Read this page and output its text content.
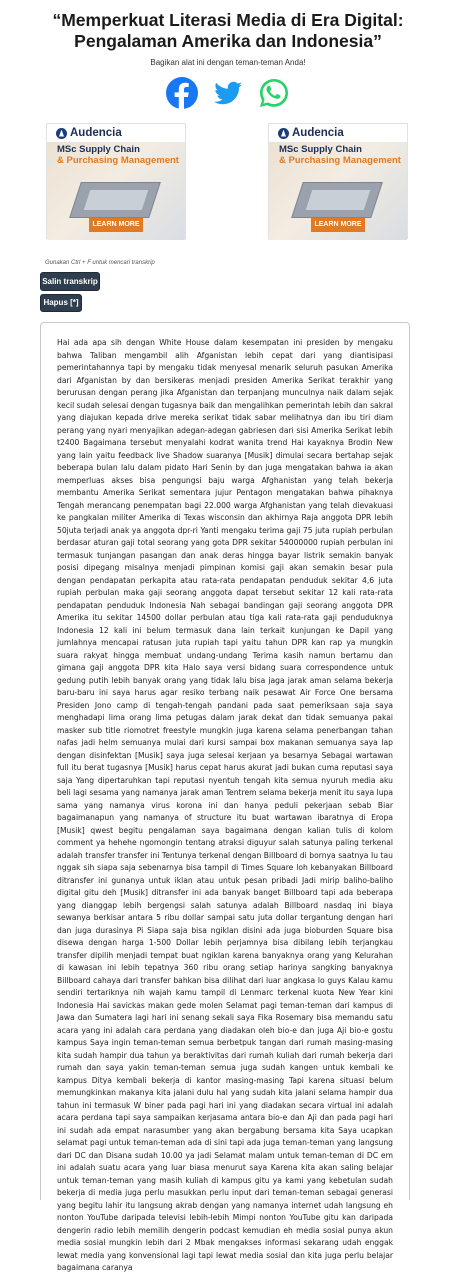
“Memperkuat Literasi Media di Era Digital: Pengalaman Amerika dan Indonesia”
Bagikan alat ini dengan teman-teman Anda!
Audencia
MSc Supply Chain
& Purchasing Management
LEARN MORE
Audencia
MSc Supply Chain
& Purchasing Management
LEARN MORE
Gunakan Ctrl + F untuk mencari transkrip
Salin transkrip
Hapus [*]
Hai ada apa sih dengan White House dalam kesempatan ini presiden by mengaku bahwa Taliban mengambil alih Afganistan lebih cepat dari yang diantisipasi pemerintahannya tapi by mengaku tidak menyesal menarik seluruh pasukan Amerika dari Afganistan by dan bersikeras menjadi presiden Amerika Serikat terakhir yang berurusan dengan perang jika Afganistan dan terpanjang munculnya naik dalam sejak kecil sudah selesai dengan tugasnya baik dan mengalihkan pemerintah lebih dan sakral yang diajukan kepada drive mereka serikat tidak sabar melihatnya dan ibu tiri diam perang yang nyari menyajikan adegan-adegan gabriesen dari sisi Amerika Serikat lebih t2400 Bagaimana tersebut menyalahi kodrat wanita trend Hai kayaknya Brodin New yang lain yaitu feedback live Shadow suaranya [Musik] dimulai secara bertahap sejak beberapa bulan lalu dalam pidato Hari Senin by dan juga mengatakan bahwa ia akan memperluas akses bisa pengungsi baju warga Afghanistan yang telah bekerja membantu Amerika Serikat sementara jujur Pentagon mengatakan bahwa pihaknya Tengah merancang penempatan bagi 22.000 warga Afghanistan yang telah dievakuasi ke pangkalan militer Amerika di Texas wisconsin dan akhirnya Raja anggota DPR lebih 50juta terjadi anak ya anggota dpr-ri Yanti mengaku terima gaji 75 juta rupiah perbulan berdasar aturan gaji total seorang yang gota DPR sekitar 54000000 rupiah perbulan ini termasuk tunjangan pasangan dan anak deras hingga bayar listrik semakin banyak posisi dipegang misalnya menjadi pimpinan komisi gaji akan semakin besar pula dengan pendapatan perkapita atau rata-rata pendapatan penduduk sekitar 4,6 juta rupiah perbulan maka gaji seorang anggota dapat tersebut sekitar 12 kali rata-rata pendapatan penduduk Indonesia Nah sebagai bandingan gaji seorang anggota DPR Amerika itu sekitar 14500 dollar perbulan atau tiga kali rata-rata gaji penduduknya Indonesia 12 kali ini belum termasuk dana lain terkait kunjungan ke Dapil yang jumlahnya mencapai ratusan juta rupiah tapi yaitu tahun DPR kan rap ya mungkin suara rakyat hingga membuat undang-undang Terima kasih namun bertamu dan gimana gaji anggota DPR kita Halo saya versi bidang suara correspondence untuk gedung putih lebih banyak orang yang tidak lalu bisa jaga jarak aman selama bekerja baru-baru ini saya harus agar resiko terbang naik pesawat Air Force One bersama Presiden Jono camp di tengah-tengah pandani pada saat pemeriksaan saja saya menghadapi lima orang lima petugas dalam jarak dekat dan tidak semuanya pakai masker sub title riomotret freestyle mungkin juga karena selama penerbangan tahan nafas jadi helm semuanya mulai dari kursi sampai box makanan semuanya saya lap dengan disinfektan [Musik] saya juga selesai kerjaan ya besarnya Sebagai wartawan full itu berat tugasnya [Musik] harus cepat harus akurat jadi bukan cuma reputasi saya saja Yang dipertaruhkan tapi reputasi nyentuh tengah kita semua nyuruh media aku beli lagi sesama yang namanya jarak aman Tentrem selama bekerja menit itu saya lupa sama yang namanya virus korona ini dan hanya peduli pekerjaan sebab Biar bagaimanapun yang namanya of structure itu buat wartawan ibaratnya di Eropa [Musik] qwest begitu pengalaman saya bagaimana dengan kalian tulis di kolom comment ya hehehe ngomongin tentang atraksi diguyur salah satunya paling terkenal adalah transfer transfer ini Tentunya terkenal dengan Billboard di bornya saatnya Iu tau nggak sih siapa saja sebenarnya bisa tampil di Times Square loh kebanyakan Billboard ditransfer ini gunanya untuk iklan atau untuk pesan pribadi Jadi mirip baliho-baliho digital gitu deh [Musik] ditransfer ini ada banyak banget Billboard tapi ada beberapa yang dianggap lebih bergengsi salah satunya adalah Billboard nasdaq ini biaya sewanya berkisar antara 5 ribu dollar sampai satu juta dollar tergantung dengan hari dan juga durasinya Pi Siapa saja bisa ngiklan disini ada juga bioburden Square bisa disewa dengan harga 1-500 Dollar lebih perjamnya bisa dibilang lebih terjangkau transfer dipilih menjadi tempat buat ngiklan karena banyaknya orang yang Kelurahan di kawasan ini lebih tepatnya 360 ribu orang setiap harinya sangking banyaknya Billboard cahaya dari transfer bahkan bisa dilihat dari luar angkasa lo guys Kalau kamu sendiri tertariknya nih wajah kamu tampil di Lenmarc terkenal kuota New Year kini Indonesia Hai savickas makan gede molen Selamat pagi teman-teman dari kampus di Jawa dan Sumatera lagi hari ini senang sekali saya Fika Rosemary bisa memandu satu acara yang ini adalah cara perdana yang diadakan oleh bio-e dan juga Aji bio-e gostu kampus Saya ingin teman-teman semua berbetpuk tangan dari rumah masing-masing kita sudah hampir dua tahun ya beraktivitas dari rumah kuliah dari rumah bekerja dari rumah dan saya yakin teman-teman semua juga sudah kangen untuk kembali ke kampus Ditya kembali bekerja di kantor masing-masing Tapi karena situasi belum memungkinkan makanya kita jalani dulu hal yang sudah kita jalani selama hampir dua tahun ini termasuk W biner pada pagi hari ini yang diadakan secara virtual ini adalah acara perdana tapi saya sampaikan kerjasama antara bio-e dan Aji dan pada pagi hari ini sudah ada empat narasumber yang akan bergabung bersama kita Saya ucapkan selamat pagi untuk teman-teman ada di sini tapi ada juga teman-teman yang langsung dari DC dan Disana sudah 10.00 ya jadi Selamat malam untuk teman-teman di DC em ini adalah suatu acara yang luar biasa menurut saya Karena kita akan saling belajar untuk teman-teman yang masih kuliah di kampus gitu ya kami yang kebetulan sudah bekerja di media juga perlu masukkan perlu input dari teman-teman sebagai generasi yang begitu lahir itu langsung akrab dengan yang namanya internet udah langsung eh nonton YouTube daripada televisi lebih-lebih Mimpi nonton YouTube gitu kan daripada dengerin radio lebih memilih dengerin podcast kemudian eh media sosial punya akun media sosial mungkin lebih dari 2 Mbak mengakses informasi sekarang udah enggak lewat media yang konvensional lagi tapi lewat media sosial dan kita juga perlu belajar bagaimana caranya
